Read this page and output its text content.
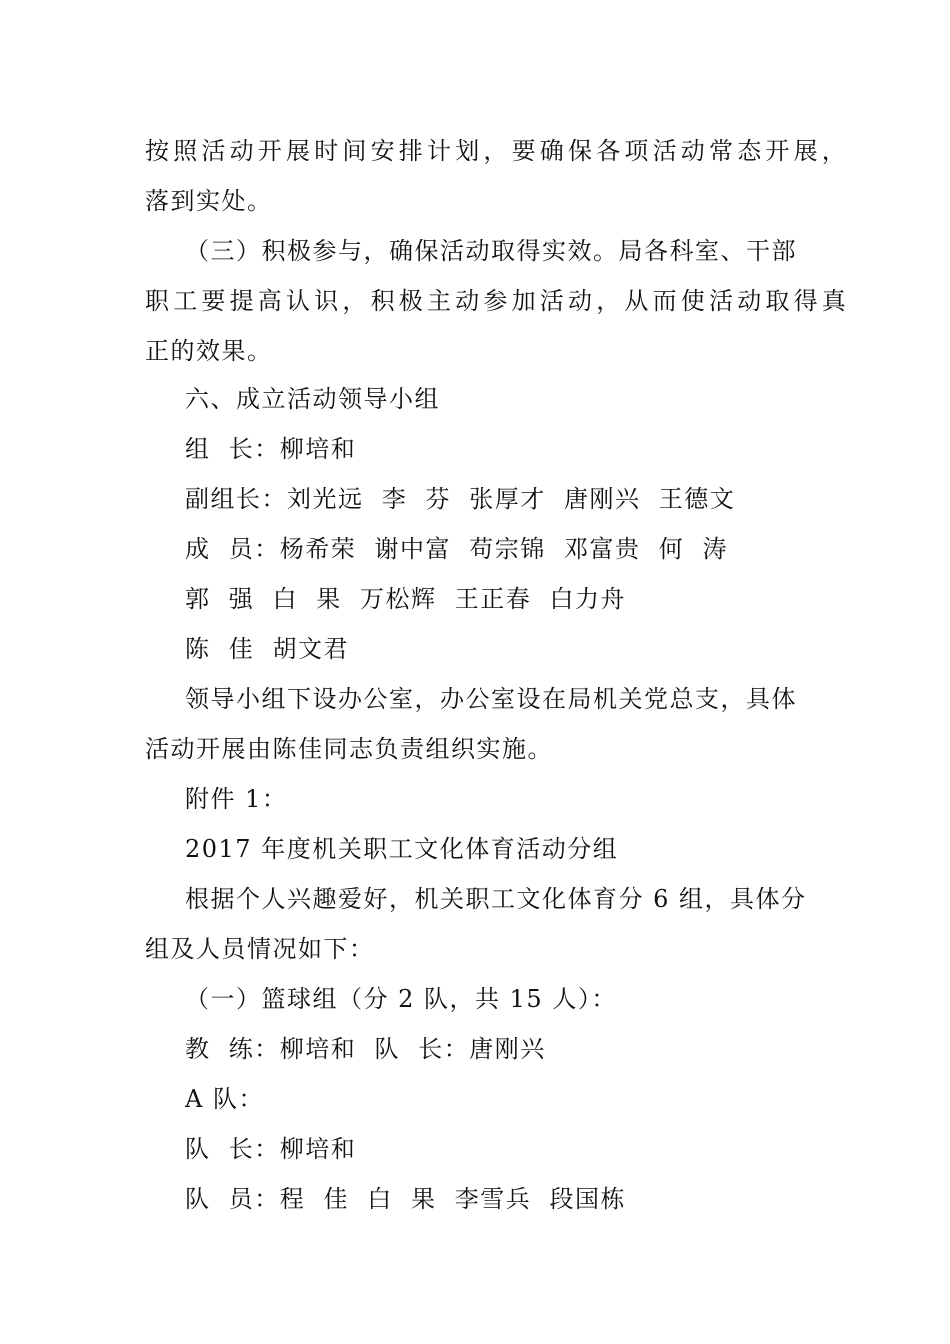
按照活动开展时间安排计划，要确保各项活动常态开展，

落到实处。

（三）积极参与，确保活动取得实效。局各科室、干部

职工要提高认识，积极主动参加活动，从而使活动取得真

正的效果。

六、成立活动领导小组

组  长：柳培和

副组长：刘光远  李  芬  张厚才  唐刚兴  王德文

成  员：杨希荣  谢中富  苟宗锦  邓富贵  何  涛

郭  强  白  果  万松辉  王正春  白力舟

陈  佳  胡文君

领导小组下设办公室，办公室设在局机关党总支，具体

活动开展由陈佳同志负责组织实施。

附件 1：

2017 年度机关职工文化体育活动分组

根据个人兴趣爱好，机关职工文化体育分 6 组，具体分

组及人员情况如下：

（一）篮球组（分 2 队，共 15 人）：

教  练：柳培和  队  长：唐刚兴

A 队：

队  长：柳培和

队  员：程  佳  白  果  李雪兵  段国栋
